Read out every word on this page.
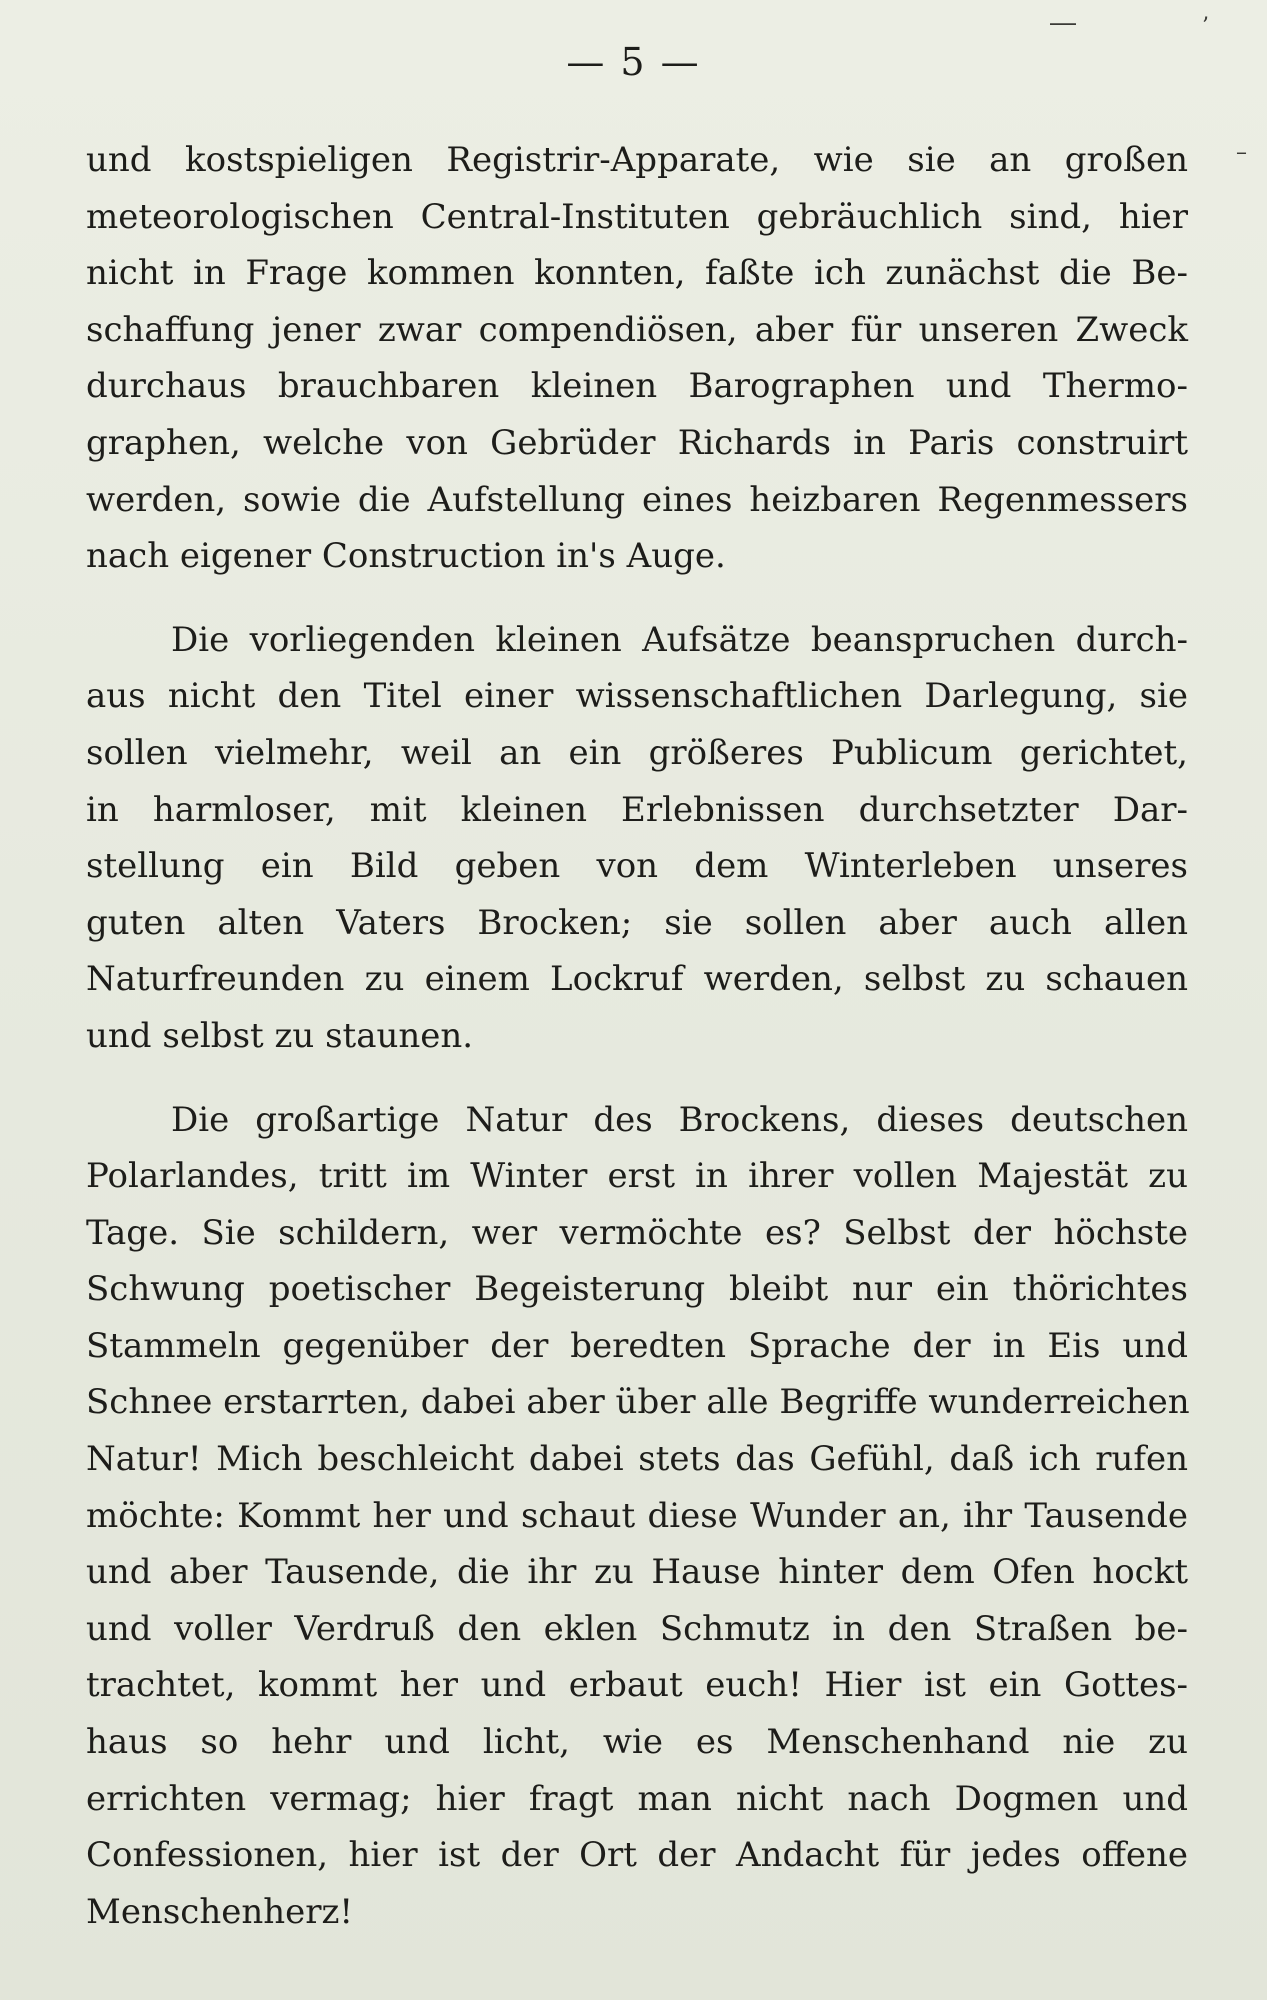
―	’
–
— 5 —
und kostspieligen Registrir-Apparate, wie sie an großen
meteorologischen Central-Instituten gebräuchlich sind, hier
nicht in Frage kommen konnten, faßte ich zunächst die Be-
schaffung jener zwar compendiösen, aber für unseren Zweck
durchaus brauchbaren kleinen Barographen und Thermo-
graphen, welche von Gebrüder Richards in Paris construirt
werden, sowie die Aufstellung eines heizbaren Regenmessers
nach eigener Construction in's Auge.
Die vorliegenden kleinen Aufsätze beanspruchen durch-
aus nicht den Titel einer wissenschaftlichen Darlegung, sie
sollen vielmehr, weil an ein größeres Publicum gerichtet,
in harmloser, mit kleinen Erlebnissen durchsetzter Dar-
stellung ein Bild geben von dem Winterleben unseres
guten alten Vaters Brocken; sie sollen aber auch allen
Naturfreunden zu einem Lockruf werden, selbst zu schauen
und selbst zu staunen.
Die großartige Natur des Brockens, dieses deutschen
Polarlandes, tritt im Winter erst in ihrer vollen Majestät zu
Tage. Sie schildern, wer vermöchte es? Selbst der höchste
Schwung poetischer Begeisterung bleibt nur ein thörichtes
Stammeln gegenüber der beredten Sprache der in Eis und
Schnee erstarrten, dabei aber über alle Begriffe wunderreichen
Natur! Mich beschleicht dabei stets das Gefühl, daß ich rufen
möchte: Kommt her und schaut diese Wunder an, ihr Tausende
und aber Tausende, die ihr zu Hause hinter dem Ofen hockt
und voller Verdruß den eklen Schmutz in den Straßen be-
trachtet, kommt her und erbaut euch! Hier ist ein Gottes-
haus so hehr und licht, wie es Menschenhand nie zu
errichten vermag; hier fragt man nicht nach Dogmen und
Confessionen, hier ist der Ort der Andacht für jedes offene
Menschenherz!
